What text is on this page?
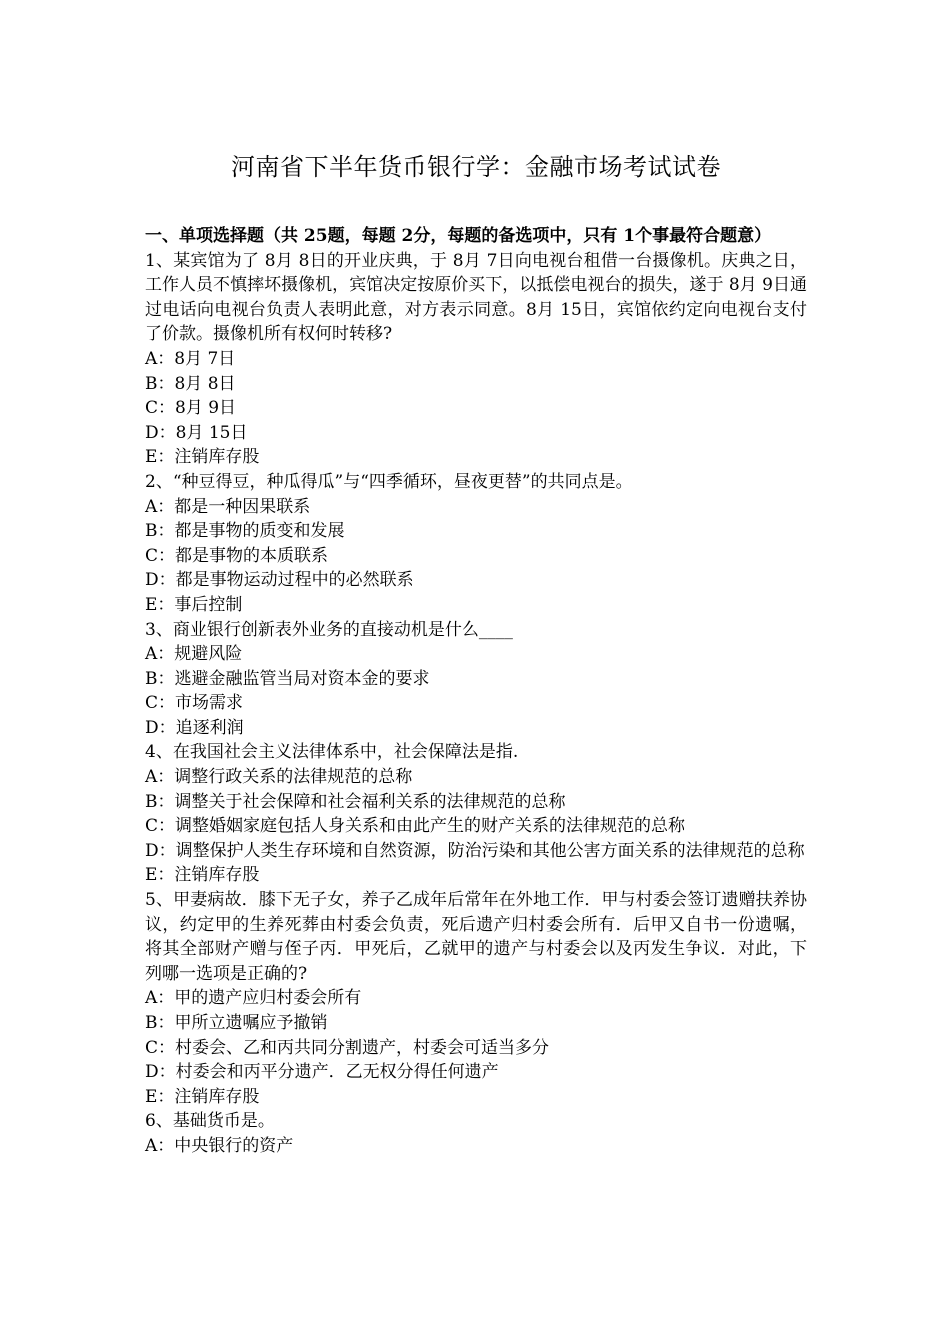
河南省下半年货币银行学：金融市场考试试卷

一、单项选择题（共 25题，每题 2分，每题的备选项中，只有 1个事最符合题意）

1、某宾馆为了 8月 8日的开业庆典，于 8月 7日向电视台租借一台摄像机。庆典之日，工作人员不慎摔坏摄像机，宾馆决定按原价买下，以抵偿电视台的损失，遂于 8月 9日通过电话向电视台负责人表明此意，对方表示同意。8月 15日，宾馆依约定向电视台支付了价款。摄像机所有权何时转移?

A：8月 7日

B：8月 8日

C：8月 9日

D：8月 15日

E：注销库存股

2、“种豆得豆，种瓜得瓜”与“四季循环，昼夜更替”的共同点是。

A：都是一种因果联系

B：都是事物的质变和发展

C：都是事物的本质联系

D：都是事物运动过程中的必然联系

E：事后控制

3、商业银行创新表外业务的直接动机是什么____

A：规避风险

B：逃避金融监管当局对资本金的要求

C：市场需求

D：追逐利润

4、在我国社会主义法律体系中，社会保障法是指.

A：调整行政关系的法律规范的总称

B：调整关于社会保障和社会福利关系的法律规范的总称

C：调整婚姻家庭包括人身关系和由此产生的财产关系的法律规范的总称

D：调整保护人类生存环境和自然资源，防治污染和其他公害方面关系的法律规范的总称

E：注销库存股

5、甲妻病故．膝下无子女，养子乙成年后常年在外地工作．甲与村委会签订遗赠扶养协议，约定甲的生养死葬由村委会负责，死后遗产归村委会所有．后甲又自书一份遗嘱，将其全部财产赠与侄子丙．甲死后，乙就甲的遗产与村委会以及丙发生争议．对此，下列哪一选项是正确的?

A：甲的遗产应归村委会所有

B：甲所立遗嘱应予撤销

C：村委会、乙和丙共同分割遗产，村委会可适当多分

D：村委会和丙平分遗产．乙无权分得任何遗产

E：注销库存股

6、基础货币是。

A：中央银行的资产
